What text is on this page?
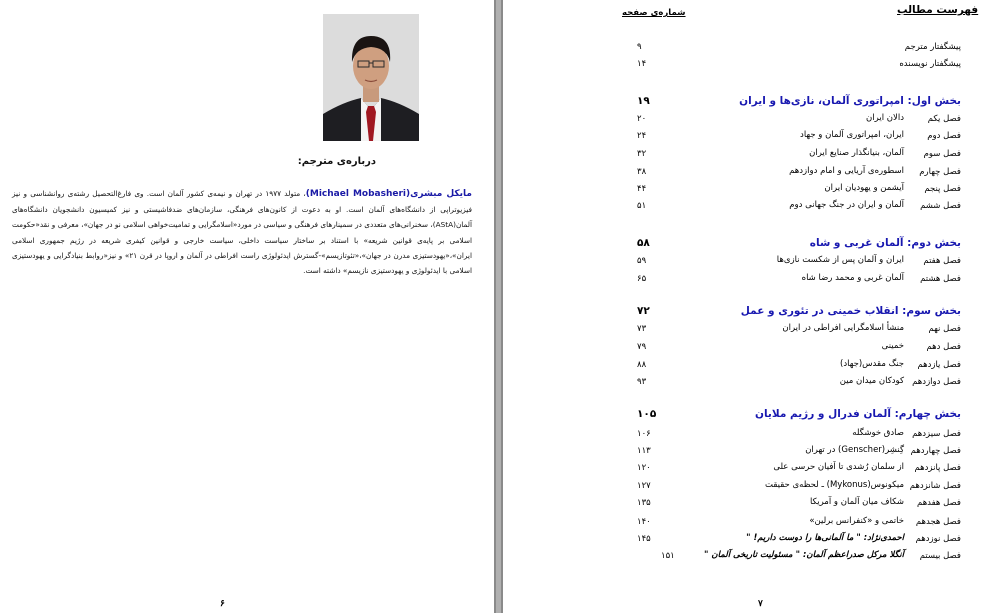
درباره‌ی مترجم:
مایکل مبشری(Michael Mobasheri)، متولد ۱۹۷۷ در تهران و نیمه‌ی کشور آلمان است. وی فارغ‌التحصیل رشته‌ی روانشناسی و نیز فیزیوتراپی از دانشگاه‌های آلمان است. او به دعوت از کانون‌های فرهنگی، سازمان‌های ضدفاشیستی و نیز کمیسیون دانشجویان دانشگاه‌های آلمان(AStA)، سخنرانی‌های متعددی در سمینارهای فرهنگی و سیاسی در مورد«اسلامگرایی و تمامیت‌خواهی اسلامی نو در جهان»، معرفی و نقد«حکومت اسلامی بر پایه‌ی قوانین شریعه» با استناد بر ساختار سیاست داخلی، سیاست خارجی و قوانین کیفری شریعه در رژیم جمهوری اسلامی ایران»،«یهودستیزی مدرن در جهان»،«تئوتازیسم»-گسترش ایدئولوژی راست افراطی در آلمان و اروپا در قرن ۲۱» و نیز«روابط بنیادگرایی و یهودستیزی اسلامی با ایدئولوژی و یهودستیزی نازیسم» داشته است.
۶
فهرست مطالب
شماره‌ی صفحه
پیشگفتار مترجم
۹
پیشگفتار نویسنده
۱۴
بخش اول: امپراتوری آلمان، نازی‌ها و ایران
۱۹
فصل یکم
دالان ایران
۲۰
فصل دوم
ایران، امپراتوری آلمان و جهاد
۲۴
فصل سوم
آلمان، بنیانگذار صنایع ایران
۳۲
فصل چهارم
اسطوره‌ی آریایی و امام دوازدهم
۳۸
فصل پنجم
آیشمن و یهودیان ایران
۴۴
فصل ششم
آلمان و ایران در جنگ جهانی دوم
۵۱
بخش دوم: آلمان غربی و شاه
۵۸
فصل هفتم
ایران و آلمان پس از شکست نازی‌ها
۵۹
فصل هشتم
آلمان غربی و محمد رضا شاه
۶۵
بخش سوم: انقلاب خمینی در تئوری و عمل
۷۲
فصل نهم
منشأ اسلامگرایی افراطی در ایران
۷۳
فصل دهم
خمینی
۷۹
فصل یازدهم
جنگ مقدس(جهاد)
۸۸
فصل دوازدهم
کودکان میدان مین
۹۳
بخش چهارم: آلمان فدرال و رژیم ملایان
۱۰۵
فصل سیزدهم
صادق خوشگله
۱۰۶
فصل چهاردهم
گِنشِر(Genscher) در تهران
۱۱۳
فصل پانزدهم
از سلمان رُشدی تا اَفیان حرسی علی
۱۲۰
فصل شانزدهم
میکونوس(Mykonus) ـ لحظه‌ی حقیقت
۱۲۷
فصل هفدهم
شکاف میان آلمان و آمریکا
۱۳۵
فصل هجدهم
خاتمی و «کنفرانس برلین»
۱۴۰
فصل نوزدهم
احمدی‌نژاد: " ما آلمانی‌ها را دوست داریم! "
۱۴۵
فصل بیستم
آنگلا مرکل صدراعظم آلمان: " مسئولیت تاریخی آلمان "
۱۵۱
۷
